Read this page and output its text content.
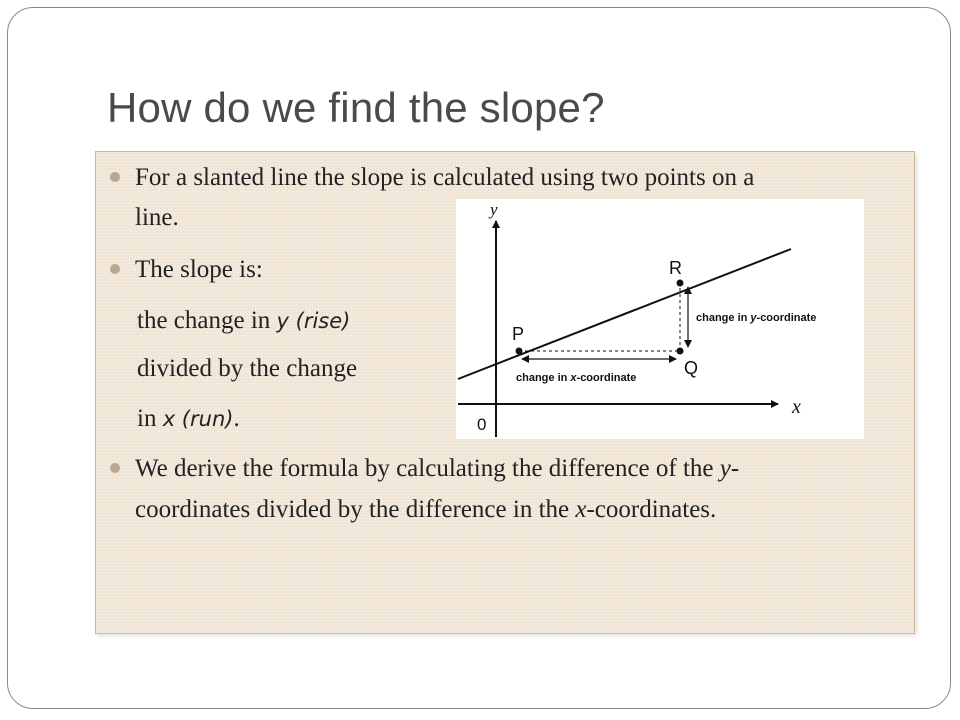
How do we find the slope?
For a slanted line the slope is calculated using two points on a
line.
The slope is:
the change in y (rise)
divided by the change
in x (run).
We derive the formula by calculating the difference of the y-
coordinates divided by the difference in the x-coordinates.
y
x
0
P
Q
R
change in y-coordinate
change in x-coordinate
